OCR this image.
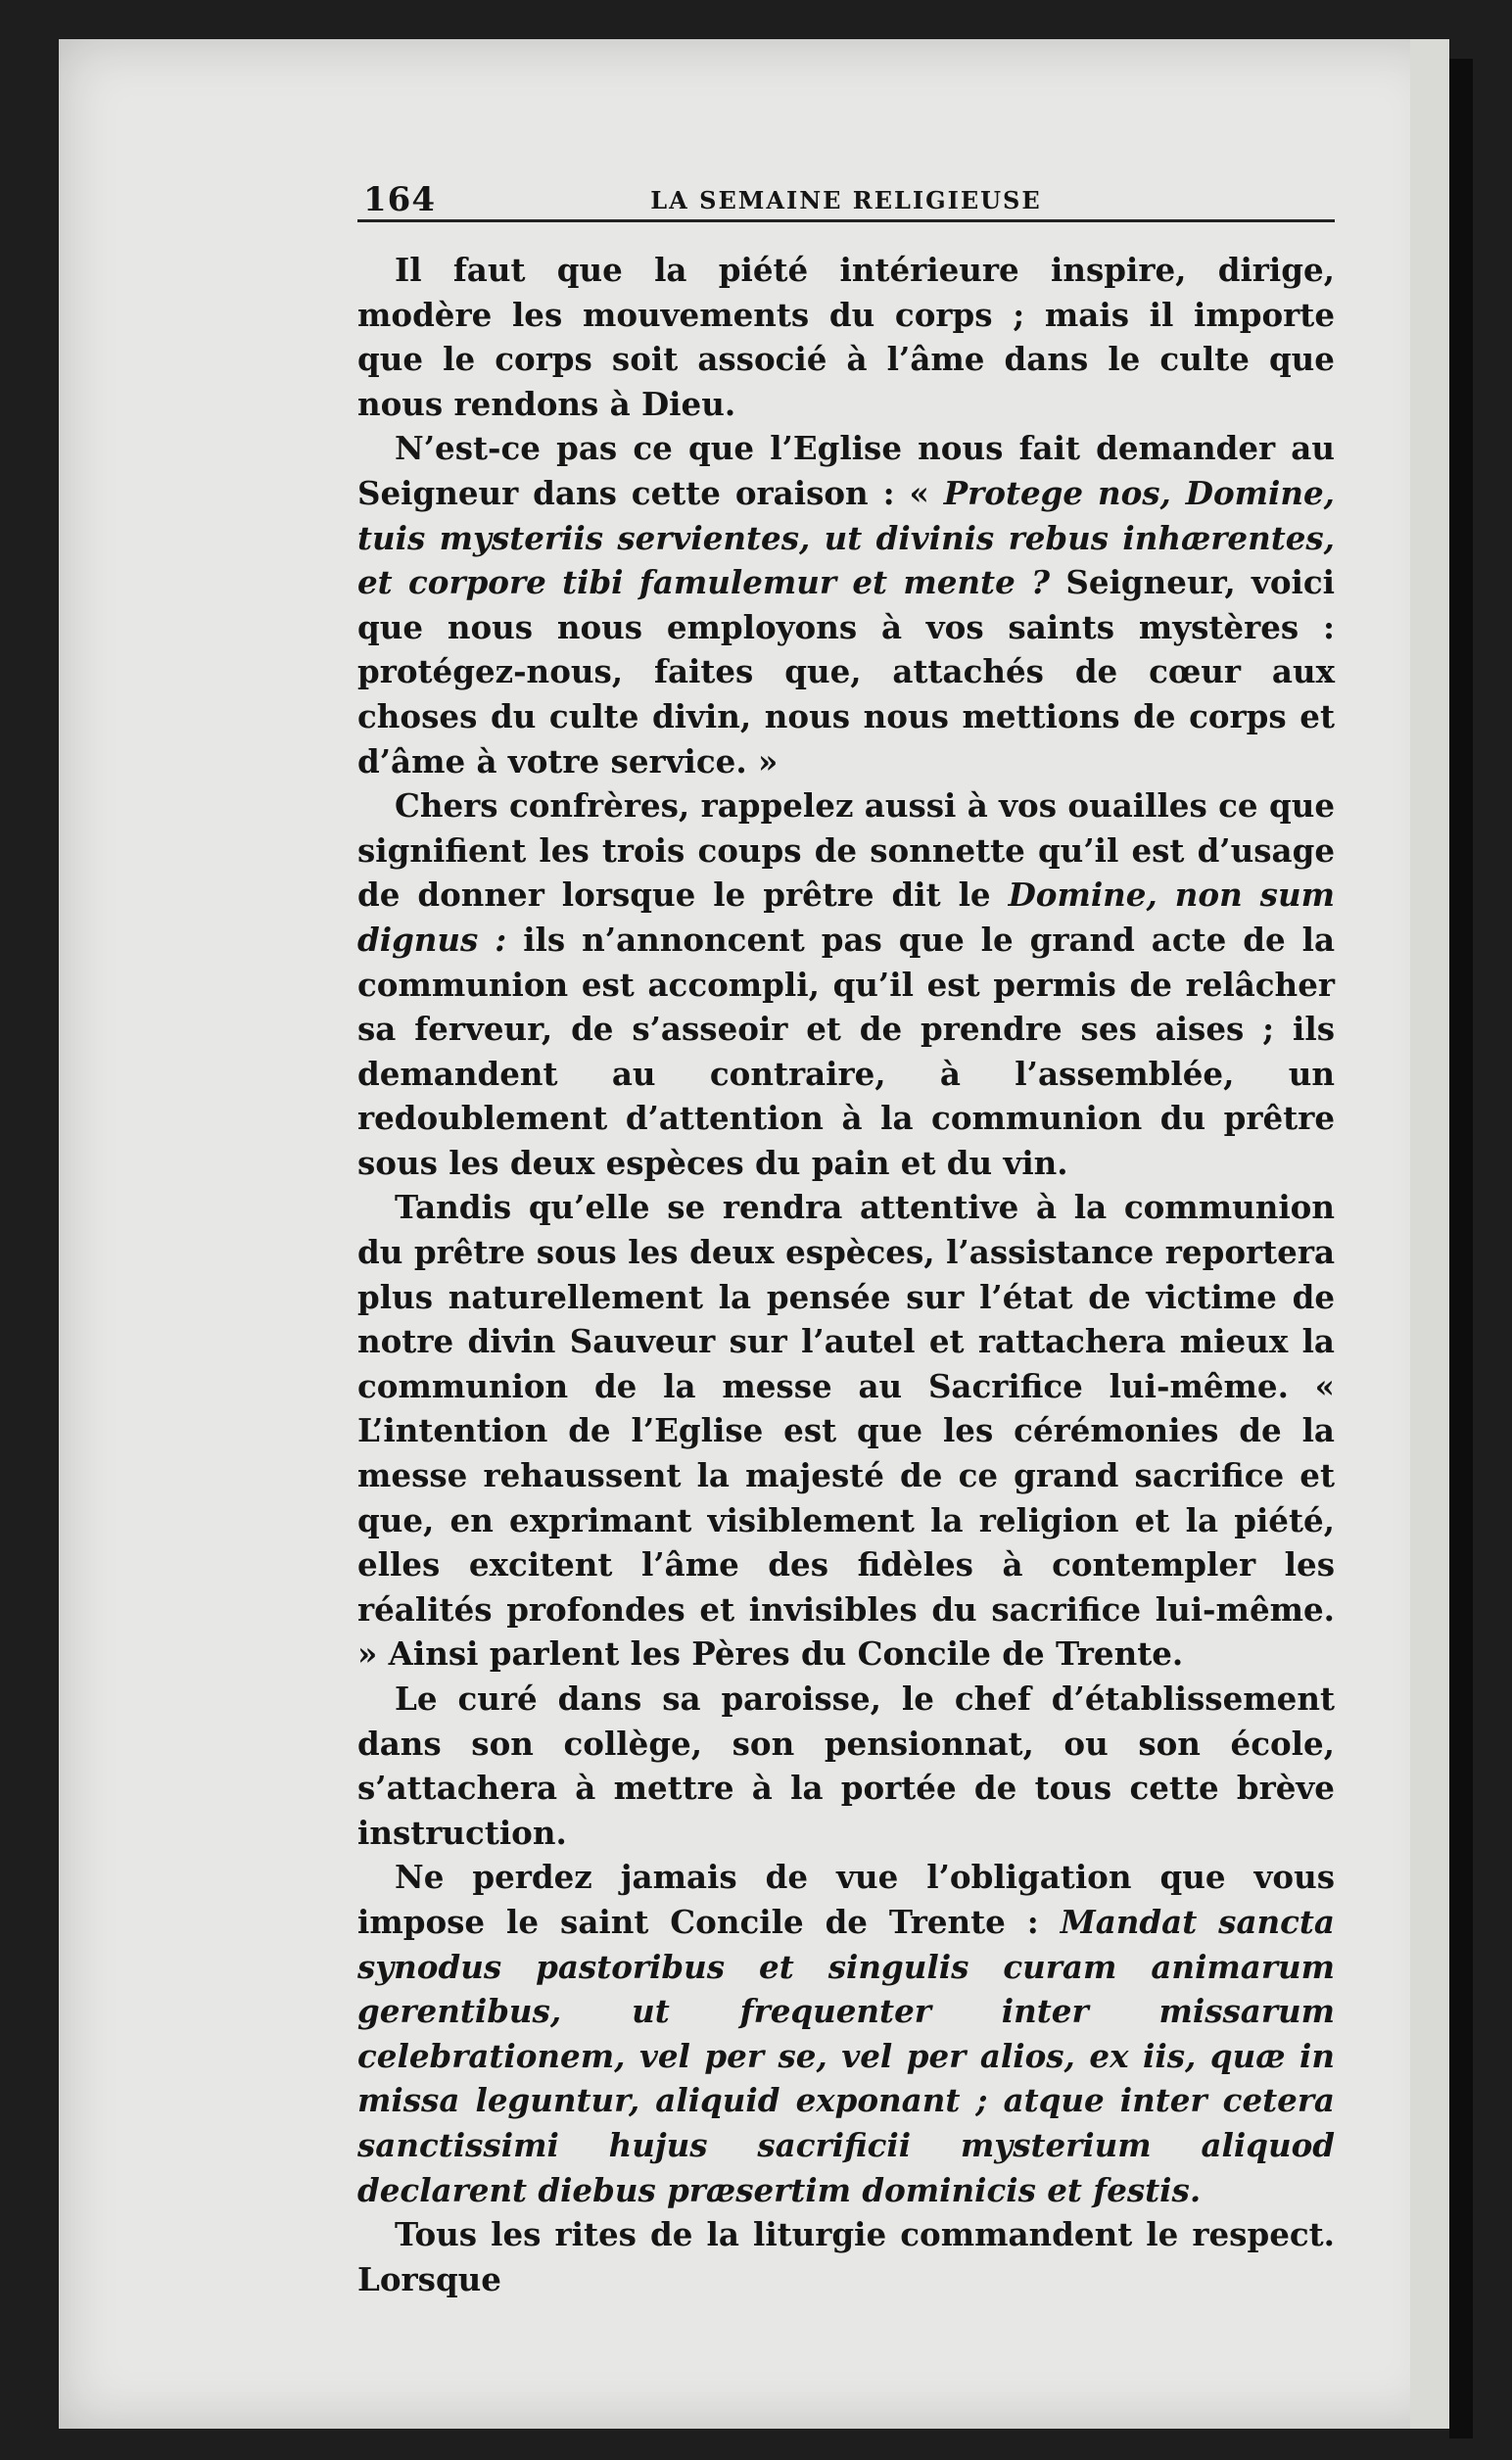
164	LA SEMAINE RELIGIEUSE

Il faut que la piété intérieure inspire, dirige, modère les mouvements du corps ; mais il importe que le corps soit associé à l’âme dans le culte que nous rendons à Dieu.

N’est-ce pas ce que l’Eglise nous fait demander au Seigneur dans cette oraison : « Protege nos, Domine, tuis mysteriis servientes, ut divinis rebus inhærentes, et corpore tibi famulemur et mente ? Seigneur, voici que nous nous employons à vos saints mystères : protégez-nous, faites que, attachés de cœur aux choses du culte divin, nous nous mettions de corps et d’âme à votre service. »

Chers confrères, rappelez aussi à vos ouailles ce que signifient les trois coups de sonnette qu’il est d’usage de donner lorsque le prêtre dit le Domine, non sum dignus : ils n’annoncent pas que le grand acte de la communion est accompli, qu’il est permis de relâcher sa ferveur, de s’asseoir et de prendre ses aises ; ils demandent au contraire, à l’assemblée, un redoublement d’attention à la communion du prêtre sous les deux espèces du pain et du vin.

Tandis qu’elle se rendra attentive à la communion du prêtre sous les deux espèces, l’assistance reportera plus naturellement la pensée sur l’état de victime de notre divin Sauveur sur l’autel et rattachera mieux la communion de la messe au Sacrifice lui-même. « L’intention de l’Eglise est que les cérémonies de la messe rehaussent la majesté de ce grand sacrifice et que, en exprimant visiblement la religion et la piété, elles excitent l’âme des fidèles à contempler les réalités profondes et invisibles du sacrifice lui-même. » Ainsi parlent les Pères du Concile de Trente.

Le curé dans sa paroisse, le chef d’établissement dans son collège, son pensionnat, ou son école, s’attachera à mettre à la portée de tous cette brève instruction.

Ne perdez jamais de vue l’obligation que vous impose le saint Concile de Trente : Mandat sancta synodus pastoribus et singulis curam animarum gerentibus, ut frequenter inter missarum celebrationem, vel per se, vel per alios, ex iis, quæ in missa leguntur, aliquid exponant ; atque inter cetera sanctissimi hujus sacrificii mysterium aliquod declarent diebus præsertim dominicis et festis.

Tous les rites de la liturgie commandent le respect. Lorsque
